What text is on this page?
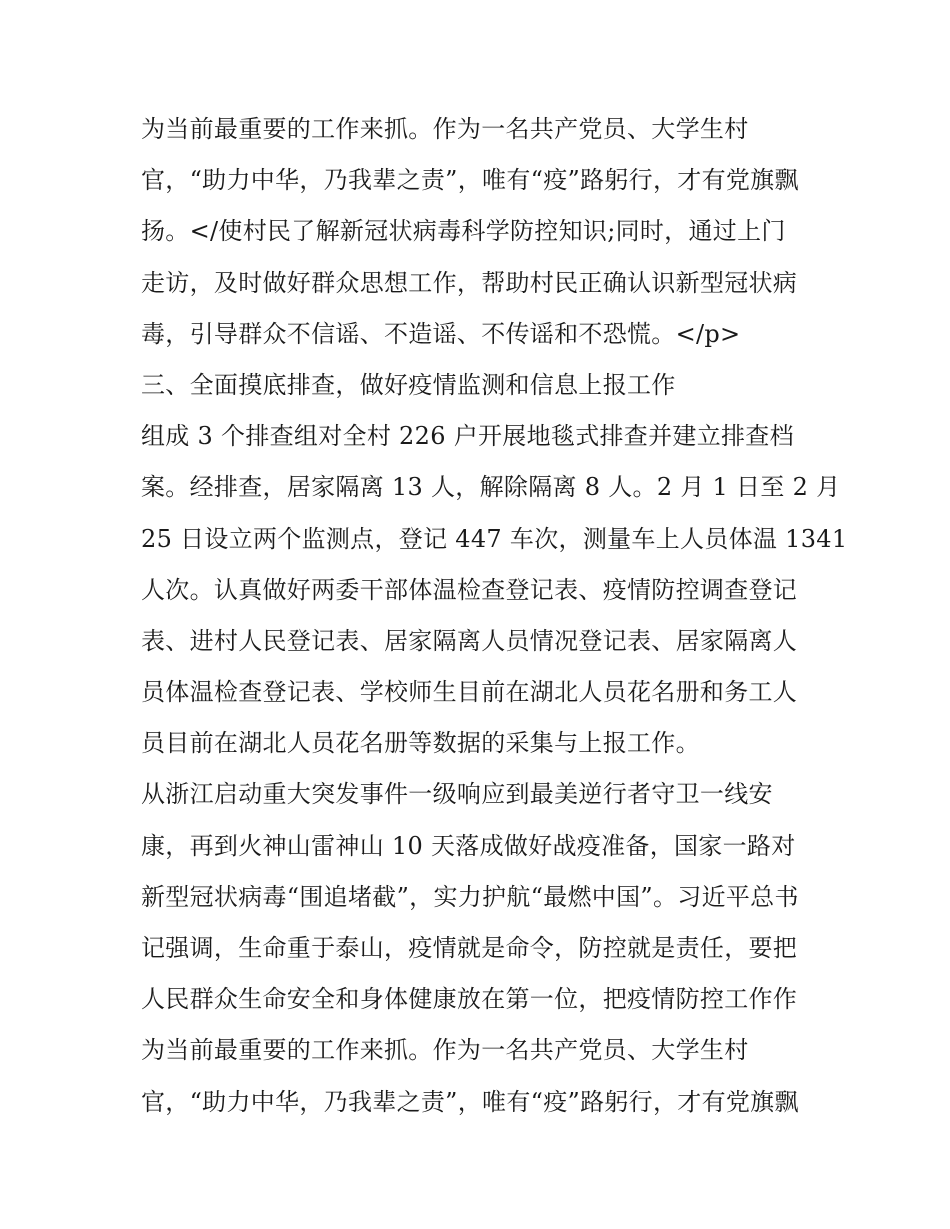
为当前最重要的工作来抓。作为一名共产党员、大学生村
官，“助力中华，乃我辈之责”，唯有“疫”路躬行，才有党旗飘
扬。</使村民了解新冠状病毒科学防控知识;同时，通过上门
走访，及时做好群众思想工作，帮助村民正确认识新型冠状病
毒，引导群众不信谣、不造谣、不传谣和不恐慌。</p>
三、全面摸底排查，做好疫情监测和信息上报工作
组成 3 个排查组对全村 226 户开展地毯式排查并建立排查档
案。经排查，居家隔离 13 人，解除隔离 8 人。2 月 1 日至 2 月
25 日设立两个监测点，登记 447 车次，测量车上人员体温 1341
人次。认真做好两委干部体温检查登记表、疫情防控调查登记
表、进村人民登记表、居家隔离人员情况登记表、居家隔离人
员体温检查登记表、学校师生目前在湖北人员花名册和务工人
员目前在湖北人员花名册等数据的采集与上报工作。
从浙江启动重大突发事件一级响应到最美逆行者守卫一线安
康，再到火神山雷神山 10 天落成做好战疫准备，国家一路对
新型冠状病毒“围追堵截”，实力护航“最燃中国”。习近平总书
记强调，生命重于泰山，疫情就是命令，防控就是责任，要把
人民群众生命安全和身体健康放在第一位，把疫情防控工作作
为当前最重要的工作来抓。作为一名共产党员、大学生村
官，“助力中华，乃我辈之责”，唯有“疫”路躬行，才有党旗飘
